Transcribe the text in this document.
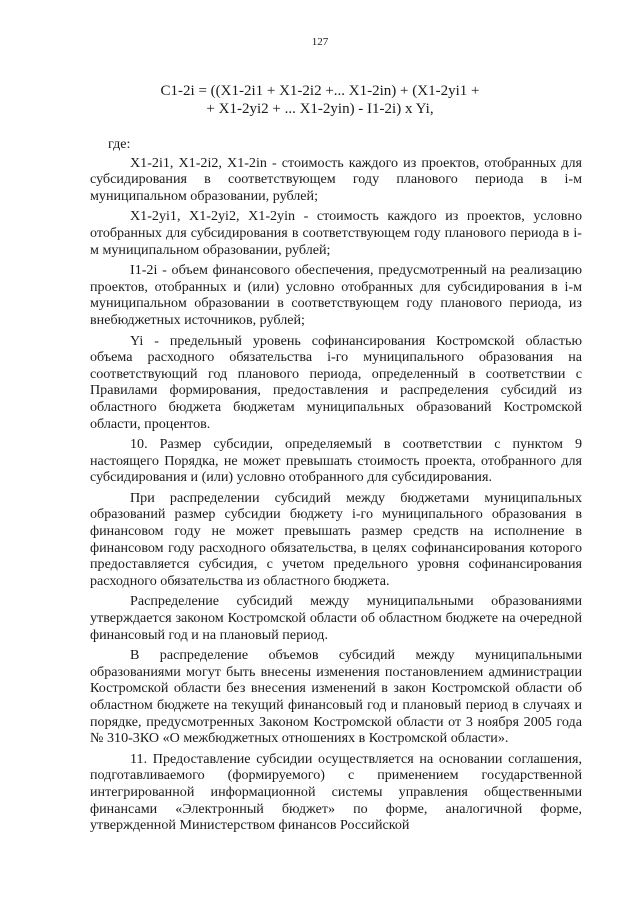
127
C1-2i = ((X1-2i1 + X1-2i2 +... X1-2in) + (X1-2yi1 +
+ X1-2yi2 + ... X1-2yin) - I1-2i) x Yi,
где:

X1-2i1, X1-2i2, X1-2in - стоимость каждого из проектов, отобранных для субсидирования в соответствующем году планового периода в i-м муниципальном образовании, рублей;

X1-2yi1, X1-2yi2, X1-2yin - стоимость каждого из проектов, условно отобранных для субсидирования в соответствующем году планового периода в i-м муниципальном образовании, рублей;

I1-2i - объем финансового обеспечения, предусмотренный на реализацию проектов, отобранных и (или) условно отобранных для субсидирования в i-м муниципальном образовании в соответствующем году планового периода, из внебюджетных источников, рублей;

Yi - предельный уровень софинансирования Костромской областью объема расходного обязательства i-го муниципального образования на соответствующий год планового периода, определенный в соответствии с Правилами формирования, предоставления и распределения субсидий из областного бюджета бюджетам муниципальных образований Костромской области, процентов.

10. Размер субсидии, определяемый в соответствии с пунктом 9 настоящего Порядка, не может превышать стоимость проекта, отобранного для субсидирования и (или) условно отобранного для субсидирования.

При распределении субсидий между бюджетами муниципальных образований размер субсидии бюджету i-го муниципального образования в финансовом году не может превышать размер средств на исполнение в финансовом году расходного обязательства, в целях софинансирования которого предоставляется субсидия, с учетом предельного уровня софинансирования расходного обязательства из областного бюджета.

Распределение субсидий между муниципальными образованиями утверждается законом Костромской области об областном бюджете на очередной финансовый год и на плановый период.

В распределение объемов субсидий между муниципальными образованиями могут быть внесены изменения постановлением администрации Костромской области без внесения изменений в закон Костромской области об областном бюджете на текущий финансовый год и плановый период в случаях и порядке, предусмотренных Законом Костромской области от 3 ноября 2005 года № 310-3КО «О межбюджетных отношениях в Костромской области».

11. Предоставление субсидии осуществляется на основании соглашения, подготавливаемого (формируемого) с применением государственной интегрированной информационной системы управления общественными финансами «Электронный бюджет» по форме, аналогичной форме, утвержденной Министерством финансов Российской
